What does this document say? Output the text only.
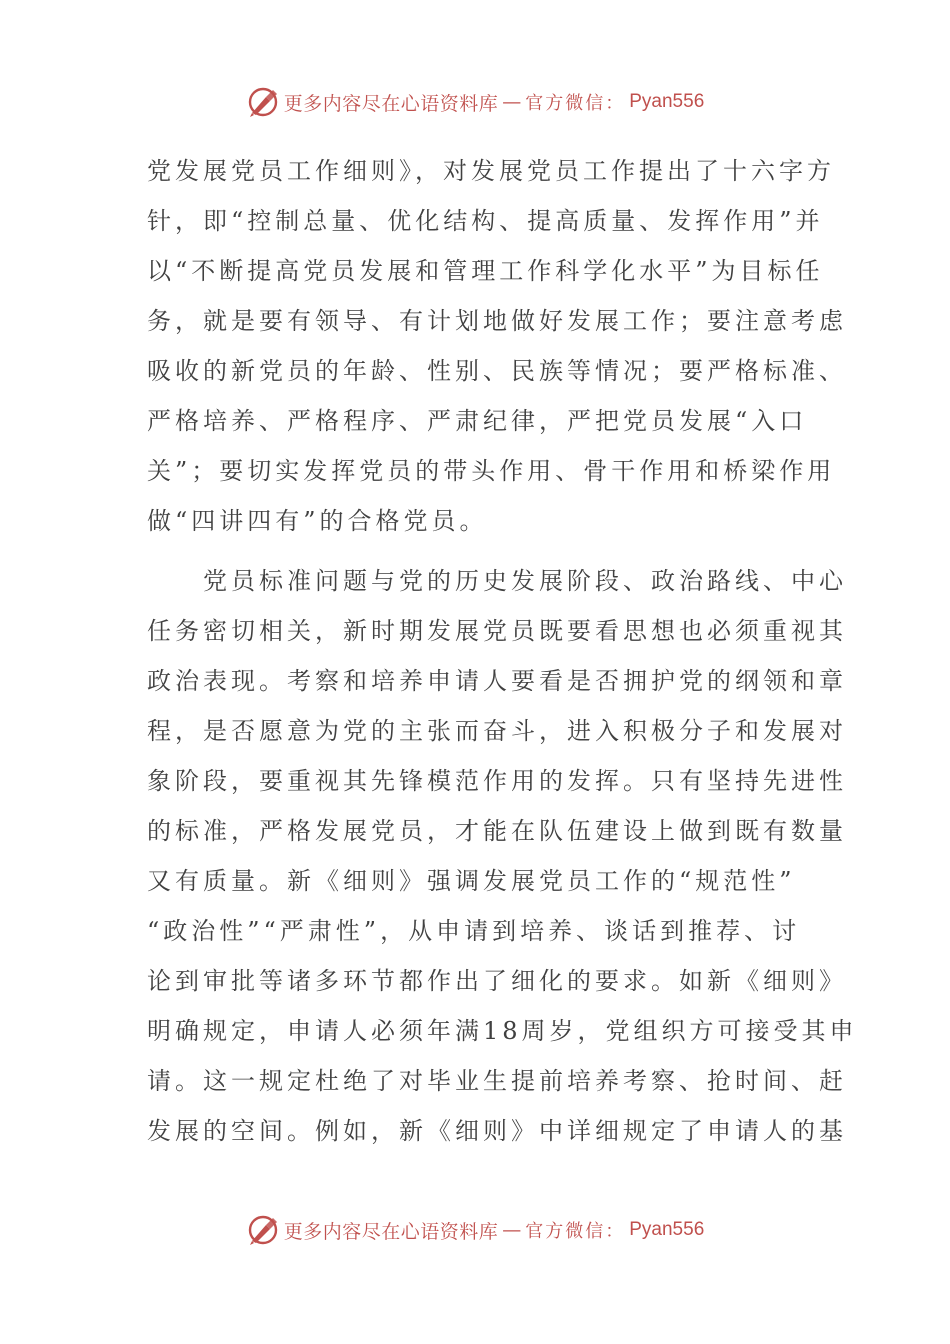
更多内容尽在心语资料库 — 官方微信： Pyan556

党发展党员工作细则》，对发展党员工作提出了十六字方
针，即“控制总量、优化结构、提高质量、发挥作用”并
以“不断提高党员发展和管理工作科学化水平”为目标任
务，就是要有领导、有计划地做好发展工作；要注意考虑
吸收的新党员的年龄、性别、民族等情况；要严格标准、
严格培养、严格程序、严肃纪律，严把党员发展“入口
关”；要切实发挥党员的带头作用、骨干作用和桥梁作用
做“四讲四有”的合格党员。

　　党员标准问题与党的历史发展阶段、政治路线、中心
任务密切相关，新时期发展党员既要看思想也必须重视其
政治表现。考察和培养申请人要看是否拥护党的纲领和章
程，是否愿意为党的主张而奋斗，进入积极分子和发展对
象阶段，要重视其先锋模范作用的发挥。只有坚持先进性
的标准，严格发展党员，才能在队伍建设上做到既有数量
又有质量。新《细则》强调发展党员工作的“规范性”
“政治性”“严肃性”，从申请到培养、谈话到推荐、讨
论到审批等诸多环节都作出了细化的要求。如新《细则》
明确规定，申请人必须年满18周岁，党组织方可接受其申
请。这一规定杜绝了对毕业生提前培养考察、抢时间、赶
发展的空间。例如，新《细则》中详细规定了申请人的基

更多内容尽在心语资料库 — 官方微信： Pyan556
